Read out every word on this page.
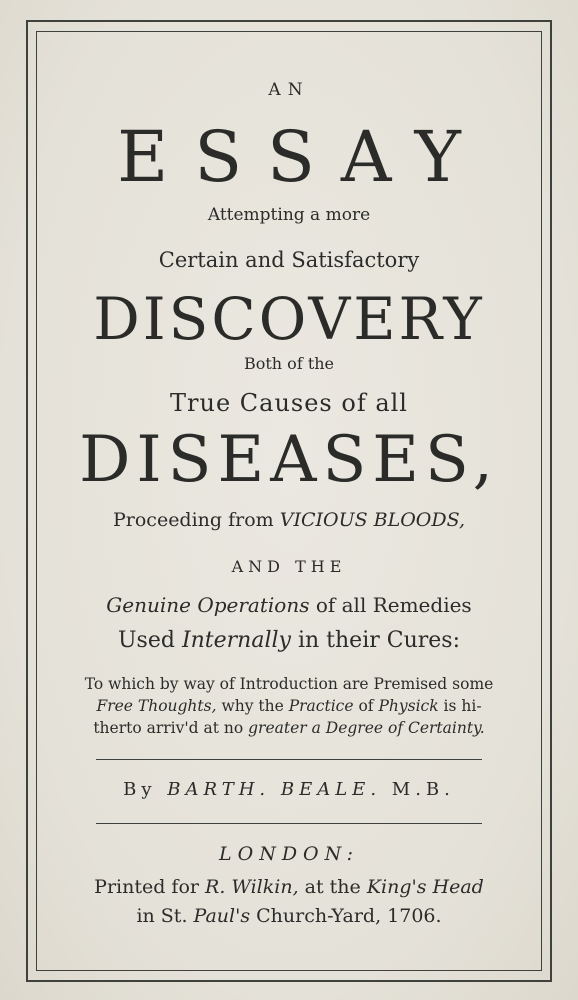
AN
ESSAY
Attempting a more
Certain and Satisfactory
DISCOVERY
Both of the
True Causes of all
DISEASES,
Proceeding from VICIOUS BLOODS,
AND THE
Genuine Operations of all Remedies
Used Internally in their Cures:
To which by way of Introduction are Premised some
Free Thoughts, why the Practice of Physick is hi-
therto arriv'd at no greater a Degree of Certainty.
By BARTH. BEALE. M.B.
LONDON:
Printed for R. Wilkin, at the King's Head
in St. Paul's Church-Yard, 1706.
